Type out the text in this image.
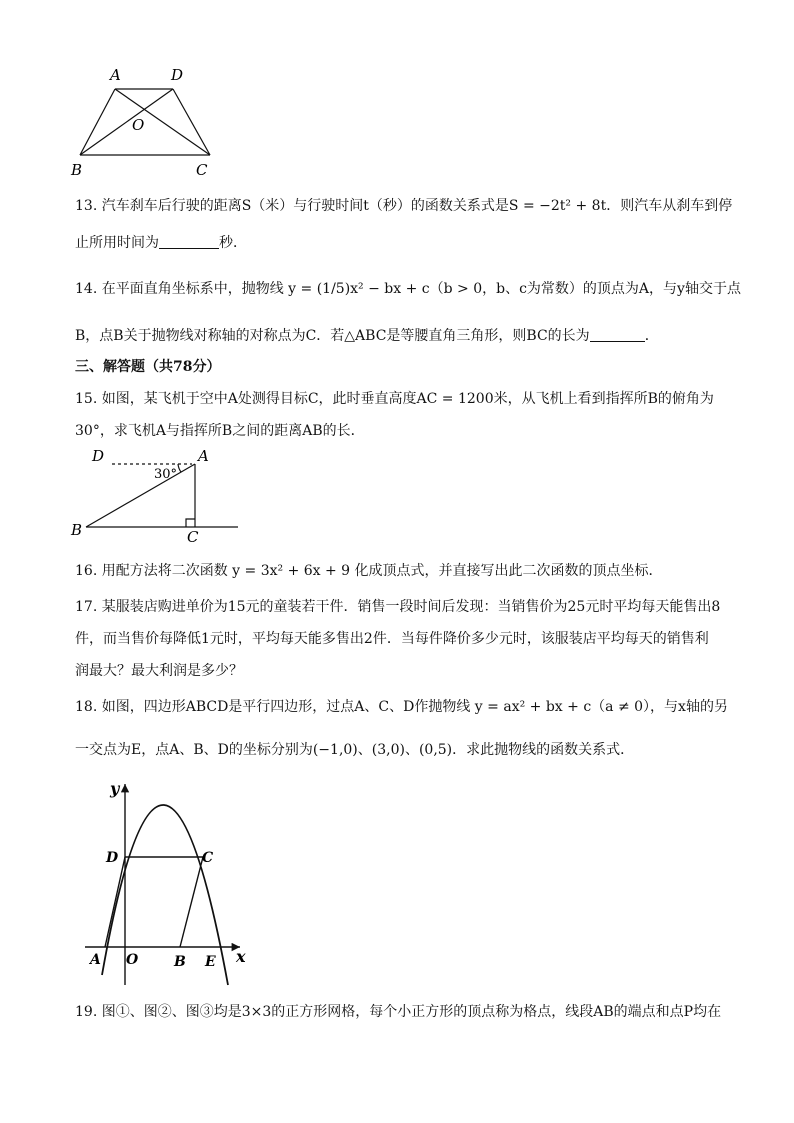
A	D
O
B	C
13. 汽车刹车后行驶的距离S（米）与行驶时间t（秒）的函数关系式是S = −2t² + 8t．则汽车从刹车到停
止所用时间为	秒．
14. 在平面直角坐标系中，抛物线 y = (1/5)x² − bx + c（b > 0，b、c为常数）的顶点为A，与y轴交于点
B，点B关于抛物线对称轴的对称点为C．若△ABC是等腰直角三角形，则BC的长为	．
三、解答题（共78分）
15. 如图，某飞机于空中A处测得目标C，此时垂直高度AC = 1200米，从飞机上看到指挥所B的俯角为
30°，求飞机A与指挥所B之间的距离AB的长．
D	A
30°
B	C
16. 用配方法将二次函数 y = 3x² + 6x + 9 化成顶点式，并直接写出此二次函数的顶点坐标．
17. 某服装店购进单价为15元的童装若干件．销售一段时间后发现：当销售价为25元时平均每天能售出8
件，而当售价每降低1元时，平均每天能多售出2件．当每件降价多少元时，该服装店平均每天的销售利
润最大？最大利润是多少？
18. 如图，四边形ABCD是平行四边形，过点A、C、D作抛物线 y = ax² + bx + c（a ≠ 0），与x轴的另
一交点为E，点A、B、D的坐标分别为(−1,0)、(3,0)、(0,5)．求此抛物线的函数关系式．
y
x
D	C
A O	B E
19. 图①、图②、图③均是3×3的正方形网格，每个小正方形的顶点称为格点，线段AB的端点和点P均在
